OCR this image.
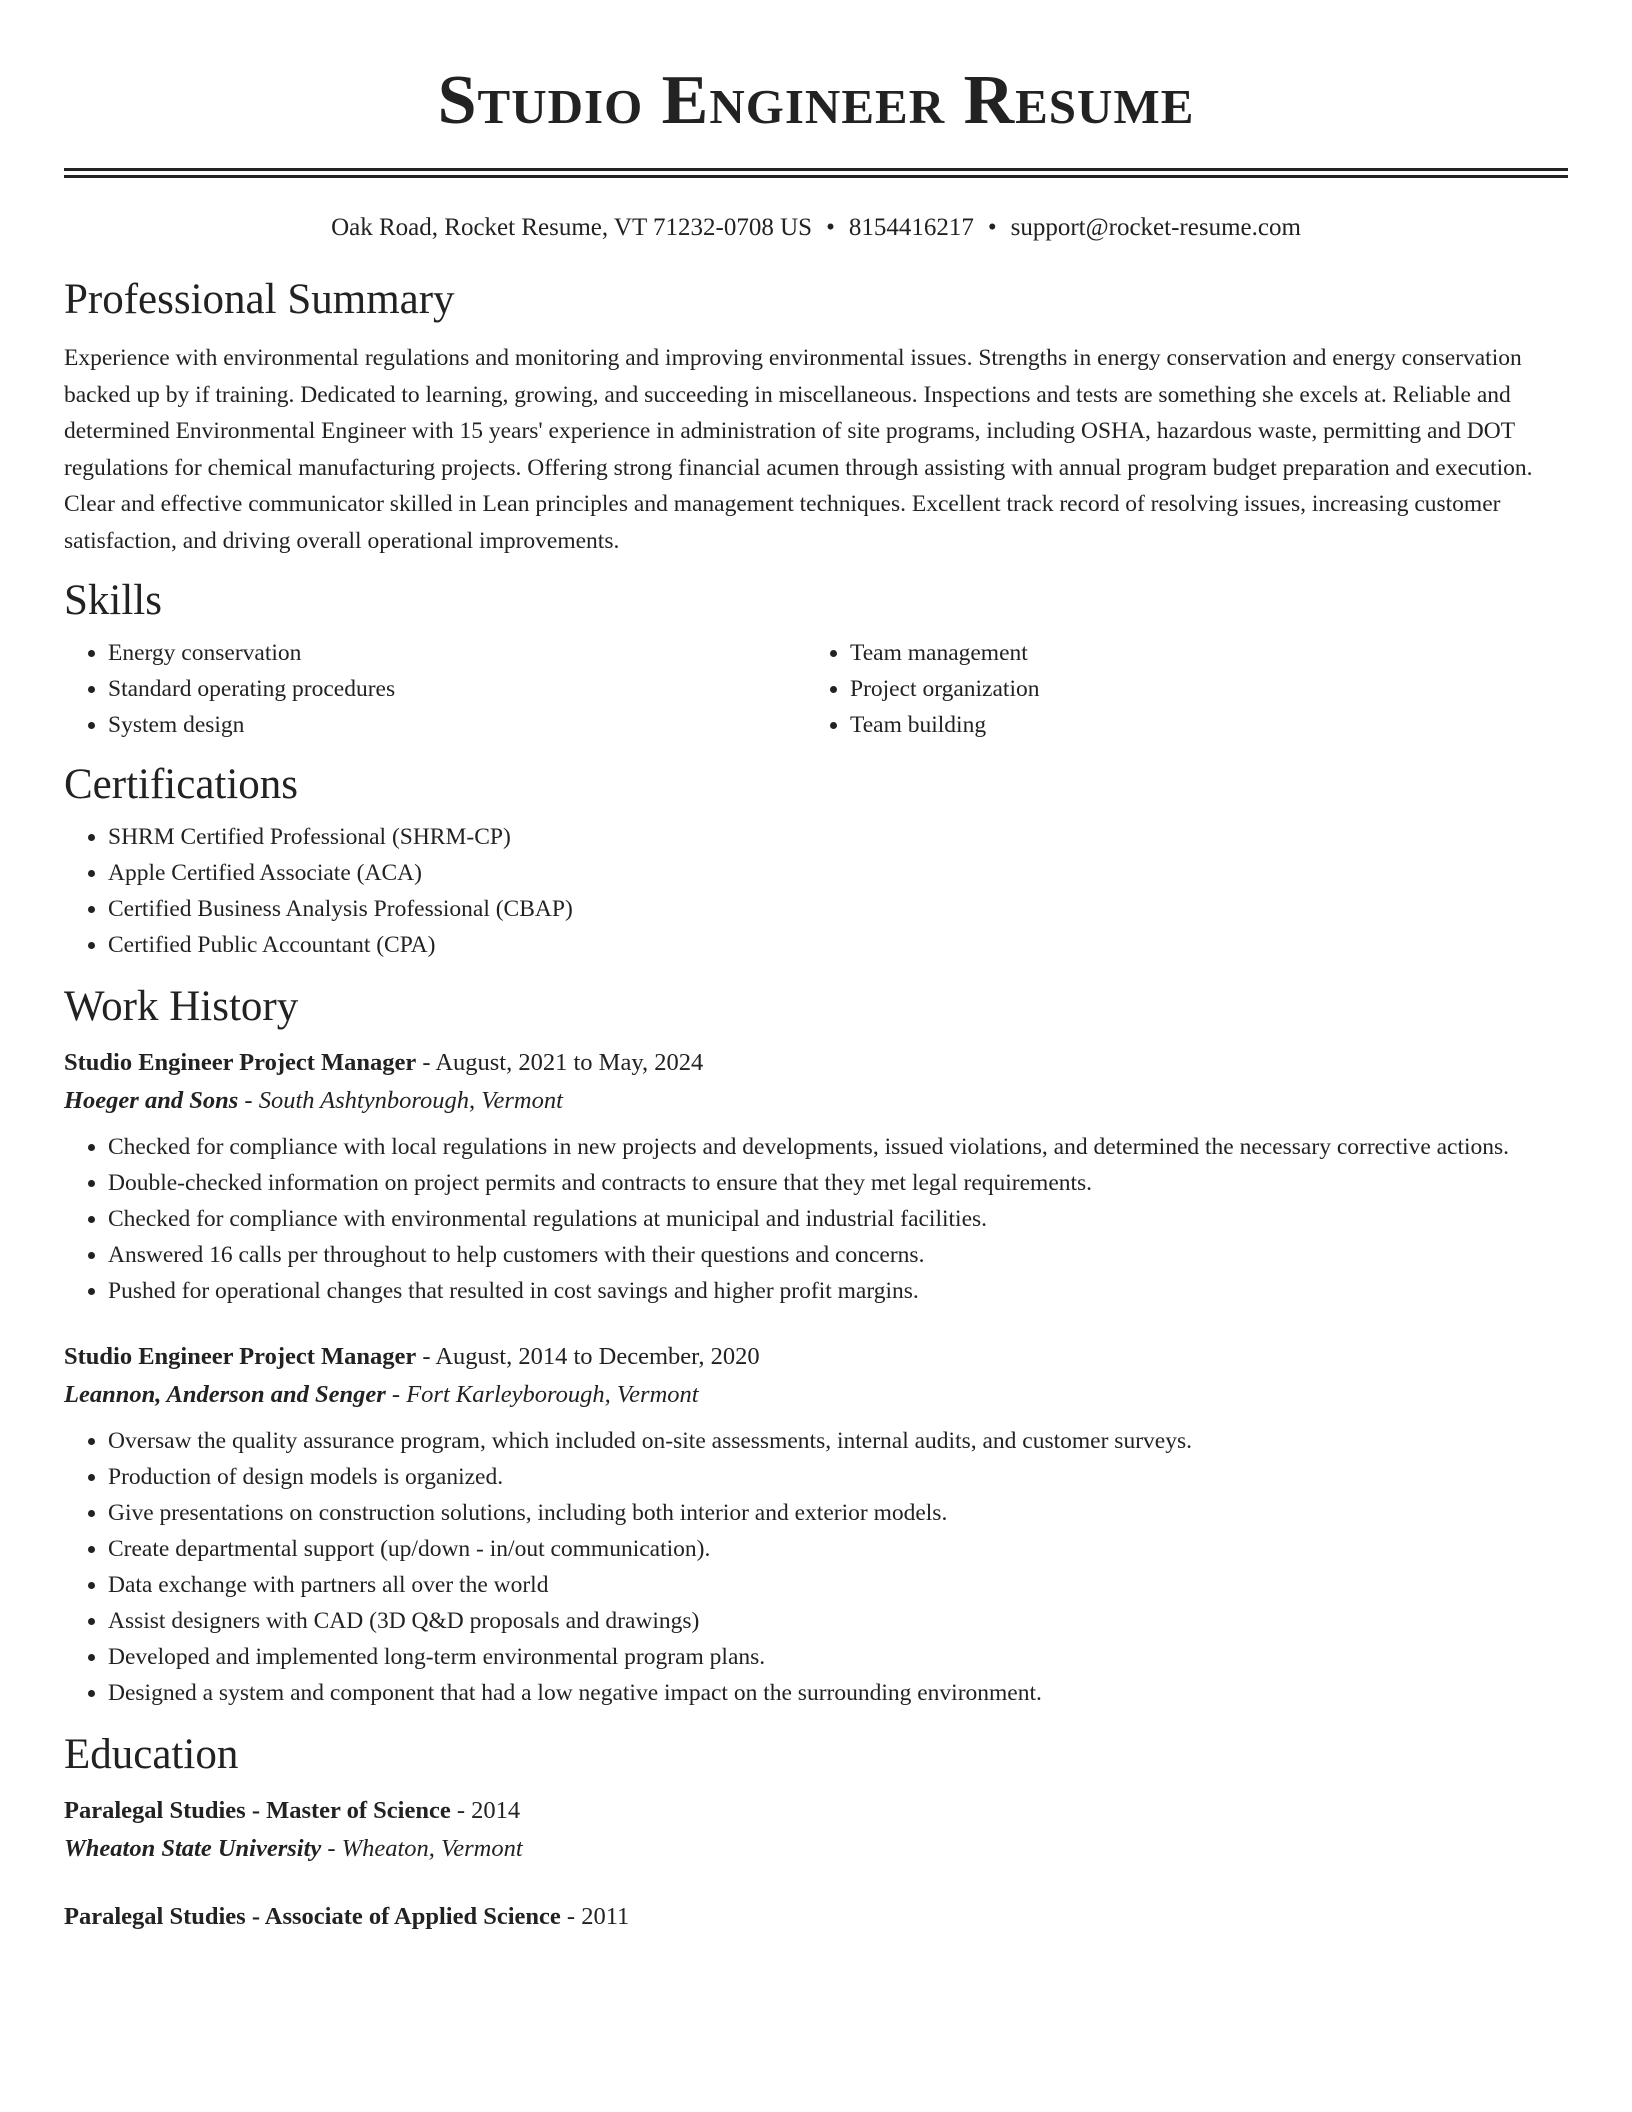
Studio Engineer Resume
Oak Road, Rocket Resume, VT 71232-0708 US • 8154416217 • support@rocket-resume.com
Professional Summary

Experience with environmental regulations and monitoring and improving environmental issues. Strengths in energy conservation and energy conservation backed up by if training. Dedicated to learning, growing, and succeeding in miscellaneous. Inspections and tests are something she excels at. Reliable and determined Environmental Engineer with 15 years' experience in administration of site programs, including OSHA, hazardous waste, permitting and DOT regulations for chemical manufacturing projects. Offering strong financial acumen through assisting with annual program budget preparation and execution. Clear and effective communicator skilled in Lean principles and management techniques. Excellent track record of resolving issues, increasing customer satisfaction, and driving overall operational improvements.

Skills
• Energy conservation
• Standard operating procedures
• System design
• Team management
• Project organization
• Team building
Certifications
• SHRM Certified Professional (SHRM-CP)
• Apple Certified Associate (ACA)
• Certified Business Analysis Professional (CBAP)
• Certified Public Accountant (CPA)
Work History
Studio Engineer Project Manager - August, 2021 to May, 2024
Hoeger and Sons - South Ashtynborough, Vermont
• Checked for compliance with local regulations in new projects and developments, issued violations, and determined the necessary corrective actions.
• Double-checked information on project permits and contracts to ensure that they met legal requirements.
• Checked for compliance with environmental regulations at municipal and industrial facilities.
• Answered 16 calls per throughout to help customers with their questions and concerns.
• Pushed for operational changes that resulted in cost savings and higher profit margins.
Studio Engineer Project Manager - August, 2014 to December, 2020
Leannon, Anderson and Senger - Fort Karleyborough, Vermont
• Oversaw the quality assurance program, which included on-site assessments, internal audits, and customer surveys.
• Production of design models is organized.
• Give presentations on construction solutions, including both interior and exterior models.
• Create departmental support (up/down - in/out communication).
• Data exchange with partners all over the world
• Assist designers with CAD (3D Q&D proposals and drawings)
• Developed and implemented long-term environmental program plans.
• Designed a system and component that had a low negative impact on the surrounding environment.
Education
Paralegal Studies - Master of Science - 2014
Wheaton State University - Wheaton, Vermont
Paralegal Studies - Associate of Applied Science - 2011
